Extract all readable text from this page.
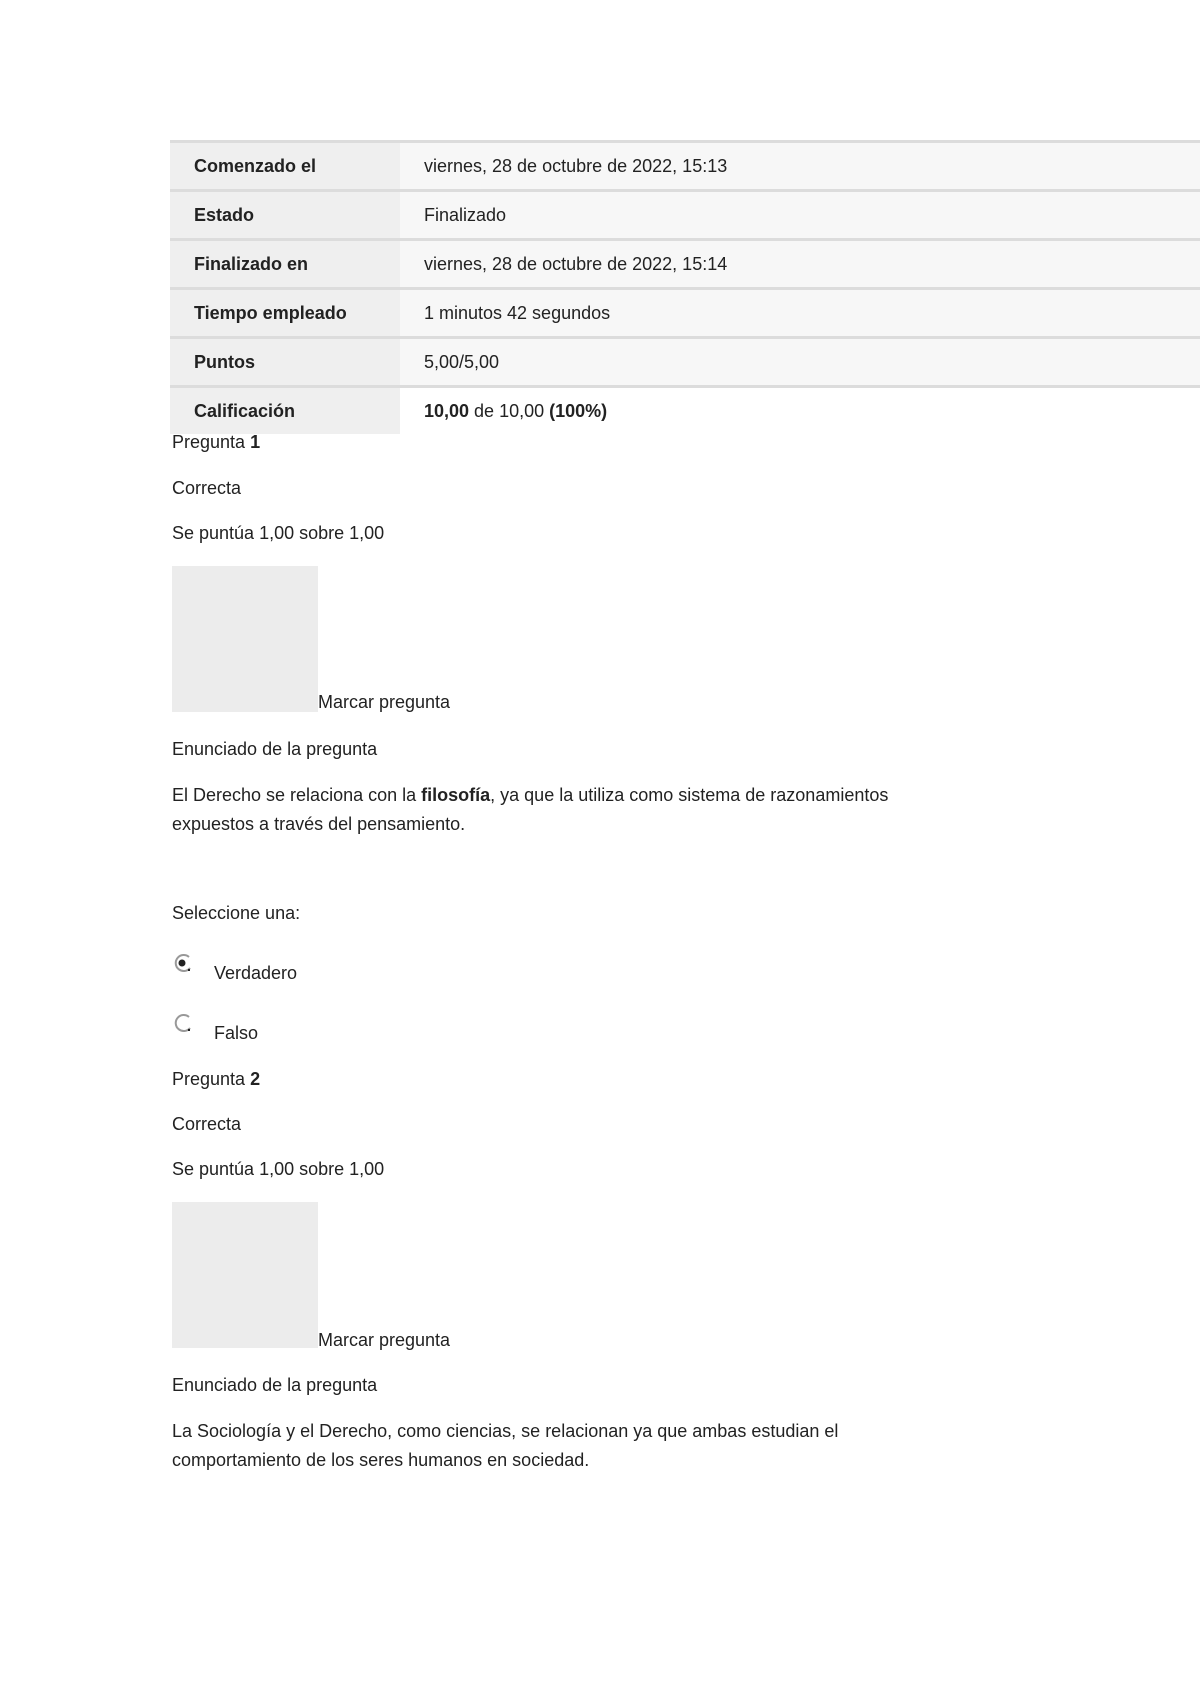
Comenzado el	viernes, 28 de octubre de 2022, 15:13
Estado	Finalizado
Finalizado en	viernes, 28 de octubre de 2022, 15:14
Tiempo empleado	1 minutos 42 segundos
Puntos	5,00/5,00
Calificación	10,00 de 10,00 (100%)
Pregunta 1
Correcta
Se puntúa 1,00 sobre 1,00
Marcar pregunta
Enunciado de la pregunta
El Derecho se relaciona con la filosofía, ya que la utiliza como sistema de razonamientos expuestos a través del pensamiento.
Seleccione una:
Verdadero
Falso
Pregunta 2
Correcta
Se puntúa 1,00 sobre 1,00
Marcar pregunta
Enunciado de la pregunta
La Sociología y el Derecho, como ciencias, se relacionan ya que ambas estudian el comportamiento de los seres humanos en sociedad.
